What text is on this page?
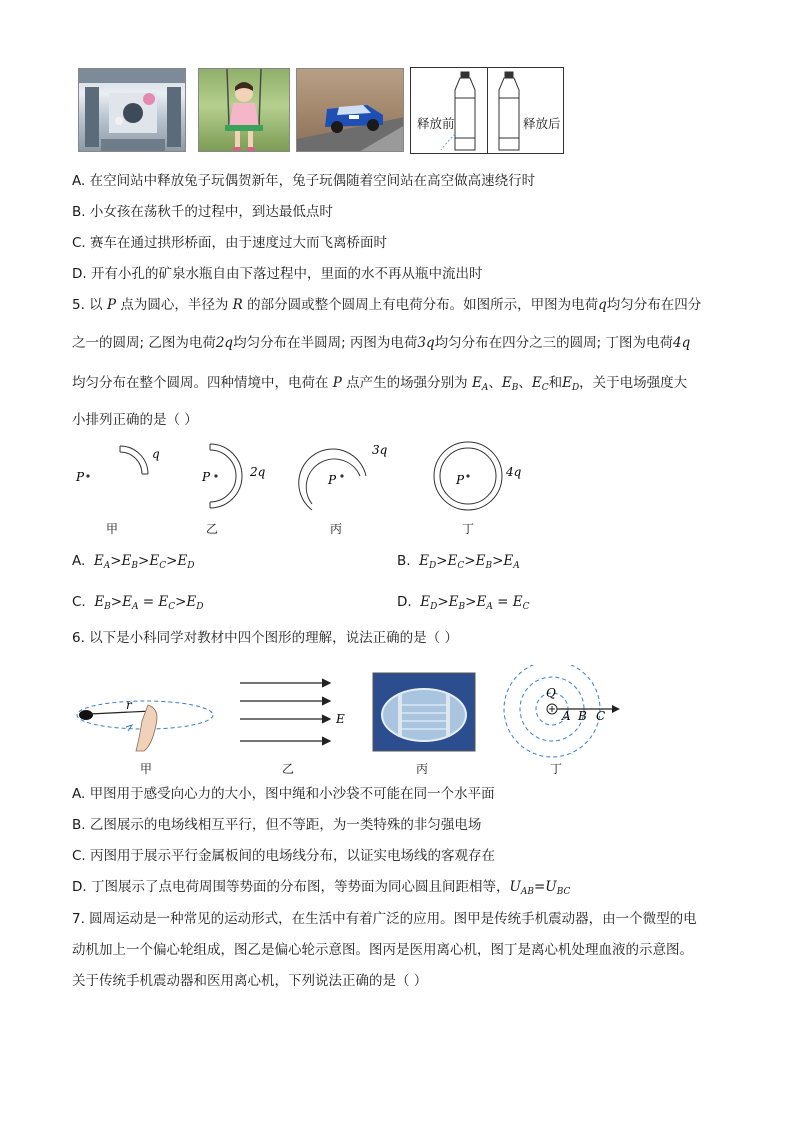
释放前	释放后
A. 在空间站中释放兔子玩偶贺新年，兔子玩偶随着空间站在高空做高速绕行时
B. 小女孩在荡秋千的过程中，到达最低点时
C. 赛车在通过拱形桥面，由于速度过大而飞离桥面时
D. 开有小孔的矿泉水瓶自由下落过程中，里面的水不再从瓶中流出时
5. 以 P 点为圆心，半径为 R 的部分圆或整个圆周上有电荷分布。如图所示，甲图为电荷q均匀分布在四分
之一的圆周; 乙图为电荷2q均匀分布在半圆周; 丙图为电荷3q均匀分布在四分之三的圆周; 丁图为电荷4q
均匀分布在整个圆周。四种情境中，电荷在 P 点产生的场强分别为 $E_A$、$E_B$、$E_C$和$E_D$，关于电场强度大
小排列正确的是（ ）
P
q
P	2q
P
3q
P
4q
甲	乙	丙	丁
A. $E_A>E_B>E_C>E_D$	B. $E_D>E_C>E_B>E_A$
C. $E_B>E_A = E_C>E_D$	D. $E_D>E_B>E_A = E_C$
6. 以下是小科同学对教材中四个图形的理解，说法正确的是（ ）
r
E
Q
A B C
甲	乙	丙	丁
A. 甲图用于感受向心力的大小，图中绳和小沙袋不可能在同一个水平面
B. 乙图展示的电场线相互平行，但不等距，为一类特殊的非匀强电场
C. 丙图用于展示平行金属板间的电场线分布，以证实电场线的客观存在
D. 丁图展示了点电荷周围等势面的分布图，等势面为同心圆且间距相等，$U_{AB}=U_{BC}$
7. 圆周运动是一种常见的运动形式，在生活中有着广泛的应用。图甲是传统手机震动器，由一个微型的电
动机加上一个偏心轮组成，图乙是偏心轮示意图。图丙是医用离心机，图丁是离心机处理血液的示意图。
关于传统手机震动器和医用离心机，下列说法正确的是（ ）
